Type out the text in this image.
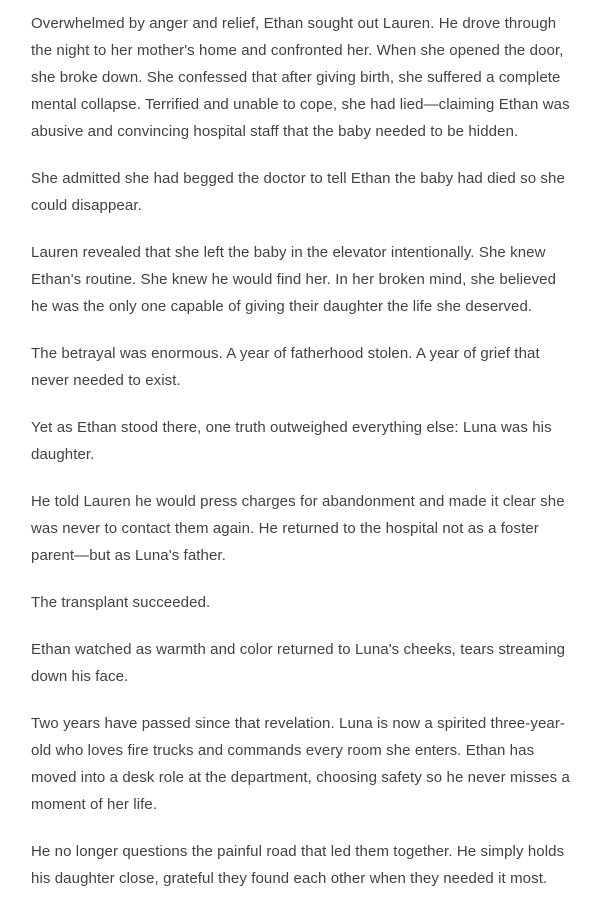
Overwhelmed by anger and relief, Ethan sought out Lauren. He drove through the night to her mother's home and confronted her. When she opened the door, she broke down. She confessed that after giving birth, she suffered a complete mental collapse. Terrified and unable to cope, she had lied—claiming Ethan was abusive and convincing hospital staff that the baby needed to be hidden.

She admitted she had begged the doctor to tell Ethan the baby had died so she could disappear.

Lauren revealed that she left the baby in the elevator intentionally. She knew Ethan's routine. She knew he would find her. In her broken mind, she believed he was the only one capable of giving their daughter the life she deserved.

The betrayal was enormous. A year of fatherhood stolen. A year of grief that never needed to exist.

Yet as Ethan stood there, one truth outweighed everything else: Luna was his daughter.

He told Lauren he would press charges for abandonment and made it clear she was never to contact them again. He returned to the hospital not as a foster parent—but as Luna's father.

The transplant succeeded.

Ethan watched as warmth and color returned to Luna's cheeks, tears streaming down his face.

Two years have passed since that revelation. Luna is now a spirited three-year-old who loves fire trucks and commands every room she enters. Ethan has moved into a desk role at the department, choosing safety so he never misses a moment of her life.

He no longer questions the painful road that led them together. He simply holds his daughter close, grateful they found each other when they needed it most.
